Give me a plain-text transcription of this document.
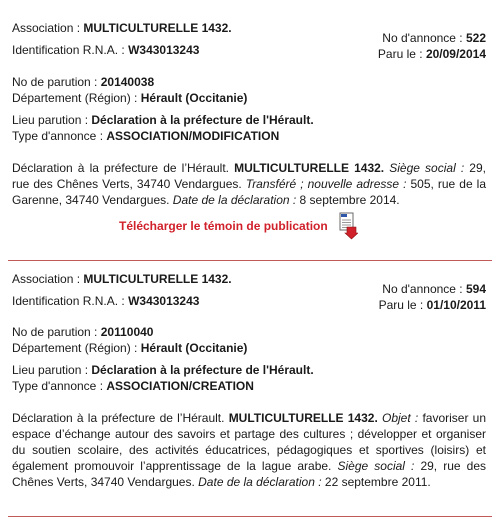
Association : MULTICULTURELLE 1432.
Identification R.N.A. : W343013243
No d'annonce : 522
Paru le : 20/09/2014
No de parution : 20140038
Département (Région) : Hérault (Occitanie)
Lieu parution : Déclaration à la préfecture de l'Hérault.
Type d'annonce : ASSOCIATION/MODIFICATION
Déclaration à la préfecture de l’Hérault. MULTICULTURELLE 1432. Siège social : 29, rue des Chênes Verts, 34740 Vendargues. Transféré ; nouvelle adresse : 505, rue de la Garenne, 34740 Vendargues. Date de la déclaration : 8 septembre 2014.
Télécharger le témoin de publication
Association : MULTICULTURELLE 1432.
Identification R.N.A. : W343013243
No d'annonce : 594
Paru le : 01/10/2011
No de parution : 20110040
Département (Région) : Hérault (Occitanie)
Lieu parution : Déclaration à la préfecture de l'Hérault.
Type d'annonce : ASSOCIATION/CREATION
Déclaration à la préfecture de l’Hérault. MULTICULTURELLE 1432. Objet : favoriser un espace d’échange autour des savoirs et partage des cultures ; développer et organiser du soutien scolaire, des activités éducatrices, pédagogiques et sportives (loisirs) et également promouvoir l’apprentissage de la lague arabe. Siège social : 29, rue des Chênes Verts, 34740 Vendargues. Date de la déclaration : 22 septembre 2011.
